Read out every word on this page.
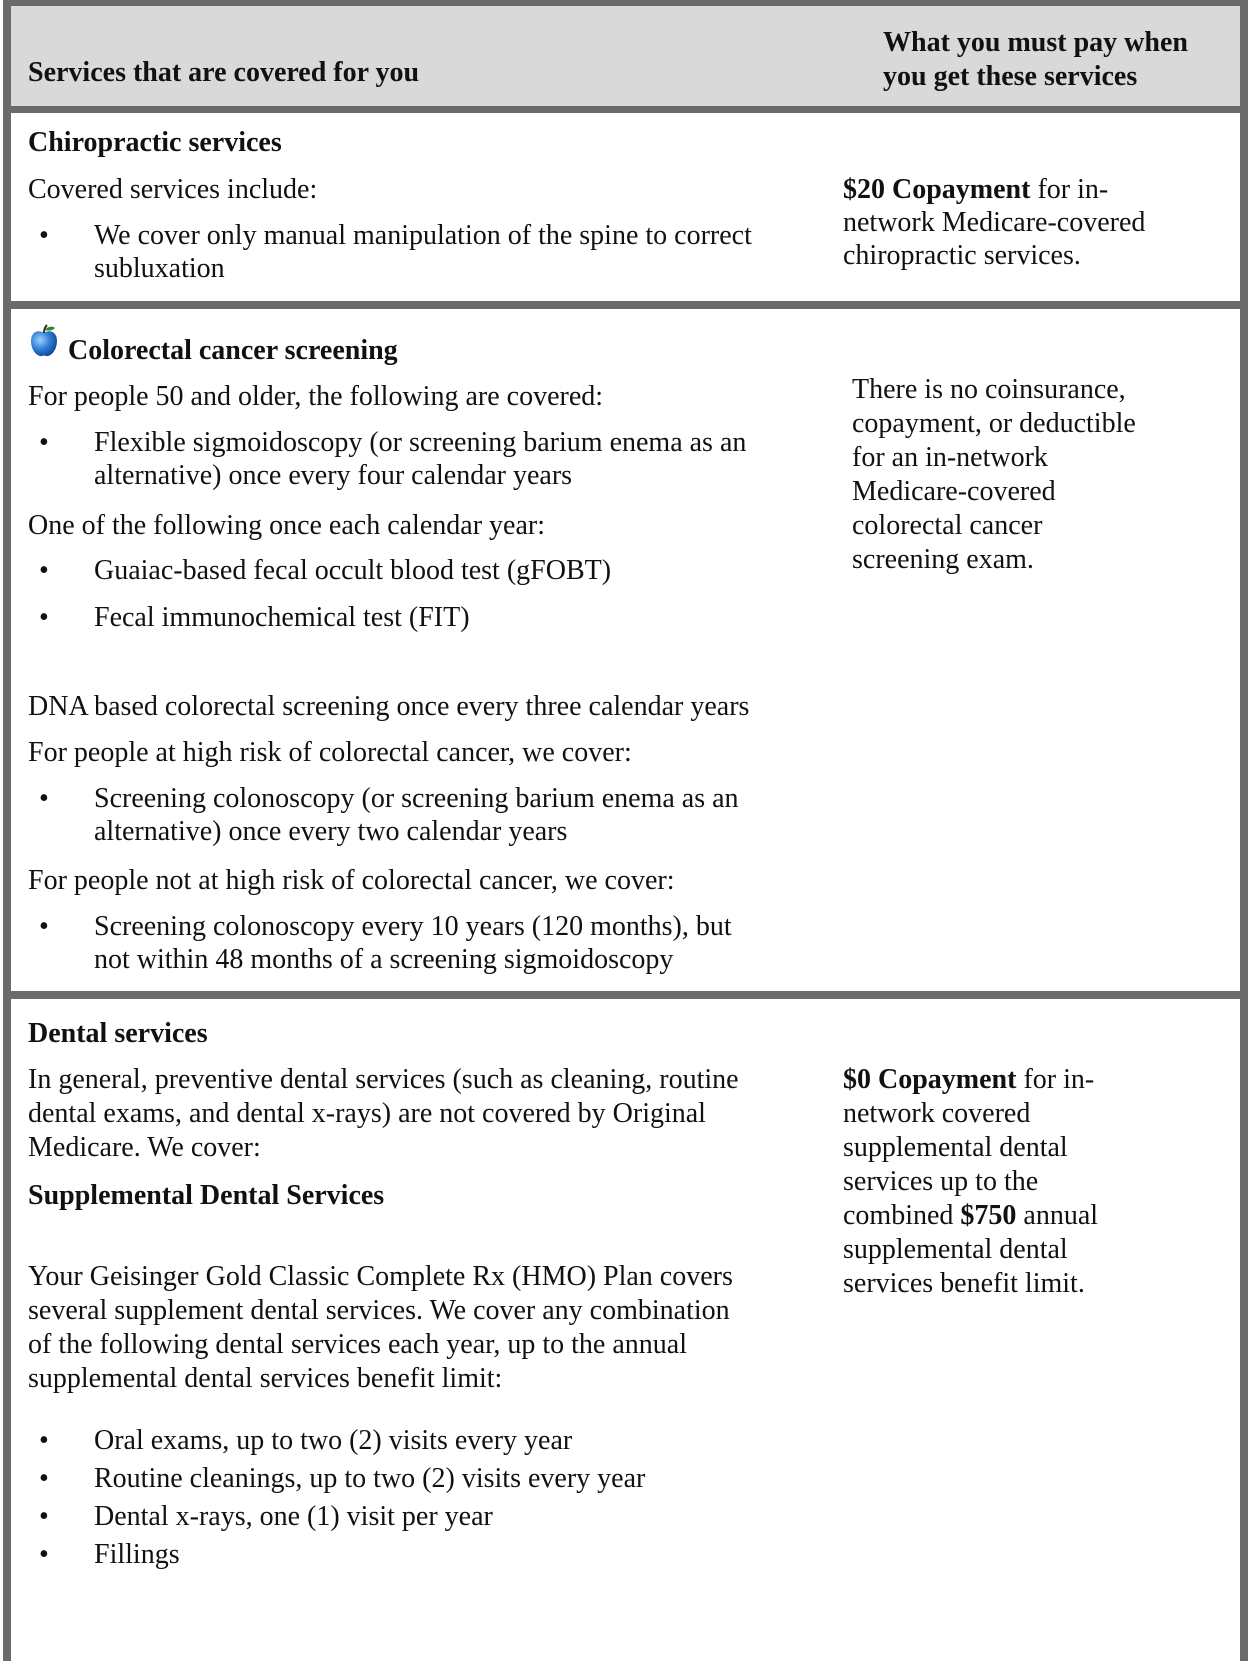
Services that are covered for you
What you must pay when
you get these services
Chiropractic services
Covered services include:
• We cover only manual manipulation of the spine to correct
subluxation
$20 Copayment for in-
network Medicare-covered
chiropractic services.
Colorectal cancer screening
For people 50 and older, the following are covered:
• Flexible sigmoidoscopy (or screening barium enema as an
alternative) once every four calendar years
One of the following once each calendar year:
• Guaiac-based fecal occult blood test (gFOBT)
• Fecal immunochemical test (FIT)
DNA based colorectal screening once every three calendar years
For people at high risk of colorectal cancer, we cover:
• Screening colonoscopy (or screening barium enema as an
alternative) once every two calendar years
For people not at high risk of colorectal cancer, we cover:
• Screening colonoscopy every 10 years (120 months), but
not within 48 months of a screening sigmoidoscopy
There is no coinsurance,
copayment, or deductible
for an in-network
Medicare-covered
colorectal cancer
screening exam.
Dental services
In general, preventive dental services (such as cleaning, routine
dental exams, and dental x-rays) are not covered by Original
Medicare. We cover:
Supplemental Dental Services
Your Geisinger Gold Classic Complete Rx (HMO) Plan covers
several supplement dental services. We cover any combination
of the following dental services each year, up to the annual
supplemental dental services benefit limit:
• Oral exams, up to two (2) visits every year
• Routine cleanings, up to two (2) visits every year
• Dental x-rays, one (1) visit per year
• Fillings
$0 Copayment for in-
network covered
supplemental dental
services up to the
combined $750 annual
supplemental dental
services benefit limit.
